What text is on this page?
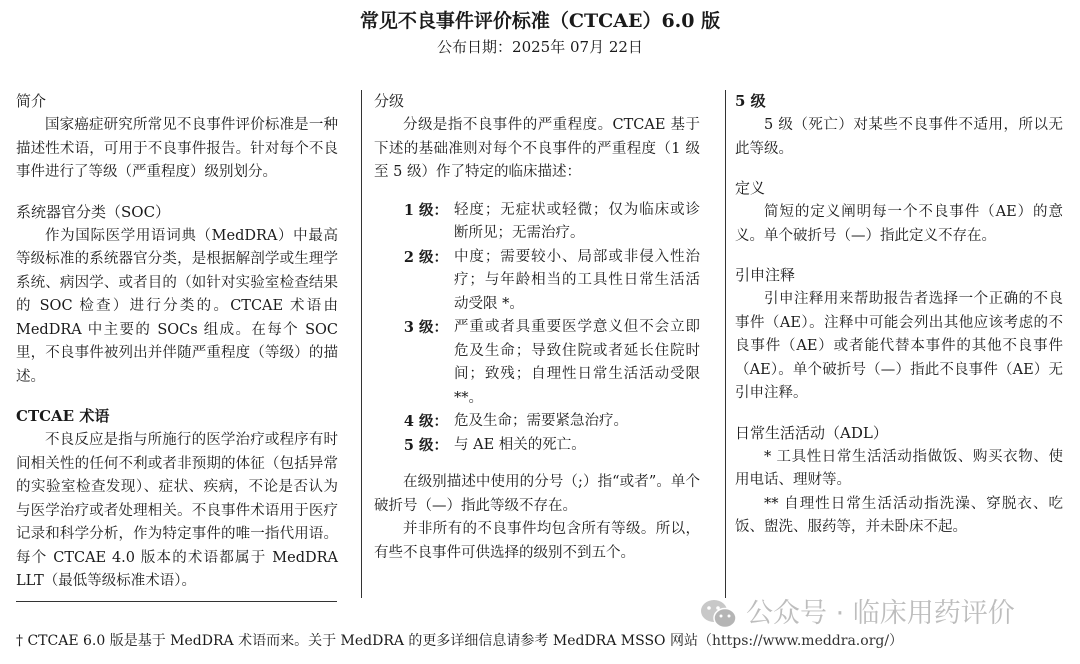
常见不良事件评价标准（CTCAE）6.0 版
公布日期：2025年 07月 22日
简介

国家癌症研究所常见不良事件评价标准是一种描述性术语，可用于不良事件报告。针对每个不良事件进行了等级（严重程度）级别划分。

系统器官分类（SOC）

作为国际医学用语词典（MedDRA）中最高等级标准的系统器官分类，是根据解剖学或生理学系统、病因学、或者目的（如针对实验室检查结果的 SOC 检查）进行分类的。CTCAE 术语由 MedDRA 中主要的 SOCs 组成。在每个 SOC 里，不良事件被列出并伴随严重程度（等级）的描述。

CTCAE 术语

不良反应是指与所施行的医学治疗或程序有时间相关性的任何不利或者非预期的体征（包括异常的实验室检查发现）、症状、疾病，不论是否认为与医学治疗或者处理相关。不良事件术语用于医疗记录和科学分析，作为特定事件的唯一指代用语。每个 CTCAE 4.0 版本的术语都属于 MedDRA LLT（最低等级标准术语）。

分级

分级是指不良事件的严重程度。CTCAE 基于下述的基础准则对每个不良事件的严重程度（1 级至 5 级）作了特定的临床描述：

1 级： 轻度；无症状或轻微；仅为临床或诊断所见；无需治疗。
2 级： 中度；需要较小、局部或非侵入性治疗；与年龄相当的工具性日常生活活动受限 *。
3 级： 严重或者具重要医学意义但不会立即危及生命；导致住院或者延长住院时间；致残；自理性日常生活活动受限 **。
4 级： 危及生命；需要紧急治疗。
5 级： 与 AE 相关的死亡。

在级别描述中使用的分号（;）指“或者”。单个破折号（—）指此等级不存在。

并非所有的不良事件均包含所有等级。所以，有些不良事件可供选择的级别不到五个。

5 级

5 级（死亡）对某些不良事件不适用，所以无此等级。

定义

简短的定义阐明每一个不良事件（AE）的意义。单个破折号（—）指此定义不存在。

引申注释

引申注释用来帮助报告者选择一个正确的不良事件（AE）。注释中可能会列出其他应该考虑的不良事件（AE）或者能代替本事件的其他不良事件（AE）。单个破折号（—）指此不良事件（AE）无引申注释。

日常生活活动（ADL）

* 工具性日常生活活动指做饭、购买衣物、使用电话、理财等。

** 自理性日常生活活动指洗澡、穿脱衣、吃饭、盥洗、服药等，并未卧床不起。

† CTCAE 6.0 版是基于 MedDRA 术语而来。关于 MedDRA 的更多详细信息请参考 MedDRA MSSO 网站（https://www.meddra.org/）
公众号 · 临床用药评价
